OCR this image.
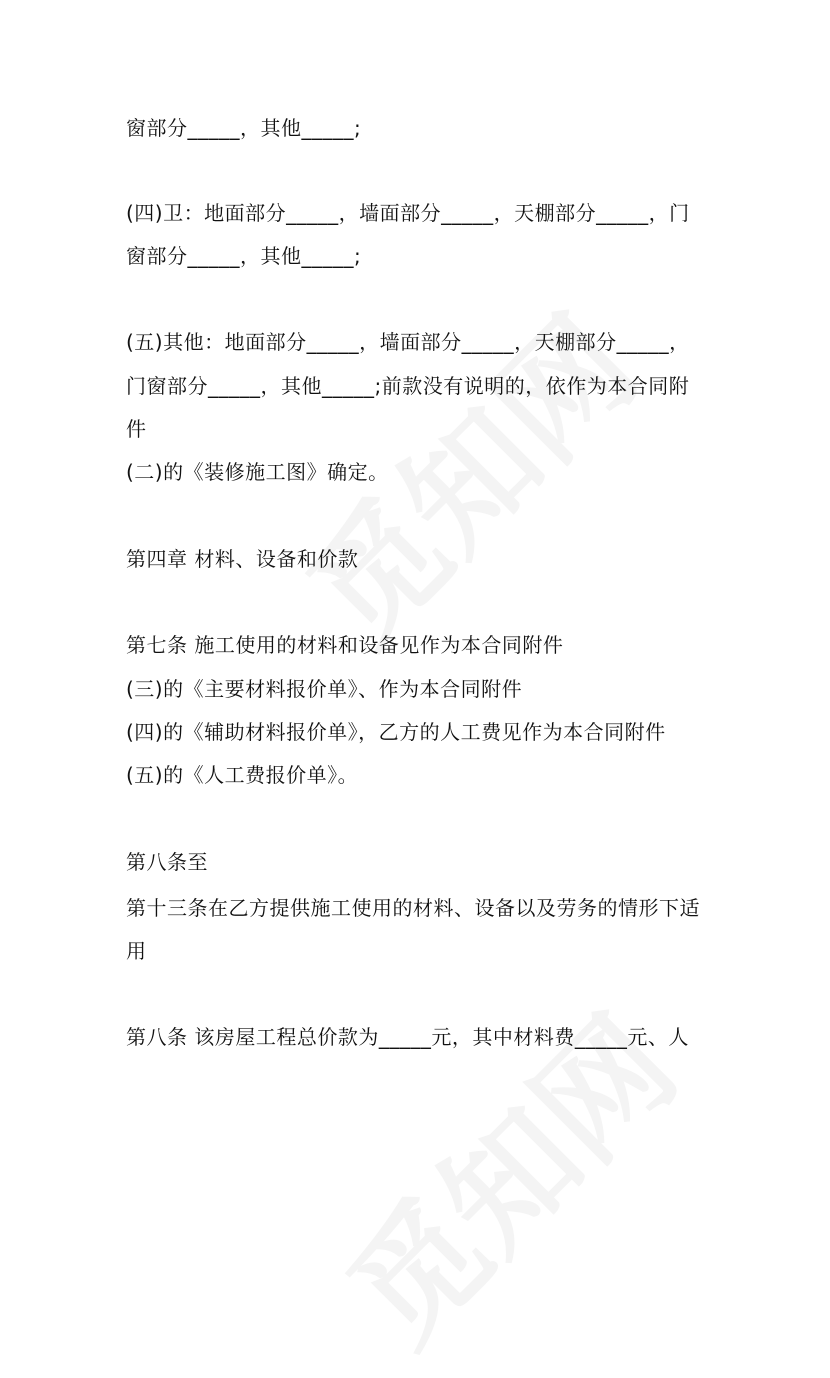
窗部分_____，其他_____;
(四)卫：地面部分_____，墙面部分_____，天棚部分_____，门
窗部分_____，其他_____;
(五)其他：地面部分_____，墙面部分_____，天棚部分_____，
门窗部分_____，其他_____;前款没有说明的，依作为本合同附
件
(二)的《装修施工图》确定。
第四章 材料、设备和价款
第七条 施工使用的材料和设备见作为本合同附件
(三)的《主要材料报价单》、作为本合同附件
(四)的《辅助材料报价单》，乙方的人工费见作为本合同附件
(五)的《人工费报价单》。
第八条至
第十三条在乙方提供施工使用的材料、设备以及劳务的情形下适
用
第八条 该房屋工程总价款为_____元，其中材料费_____元、人
